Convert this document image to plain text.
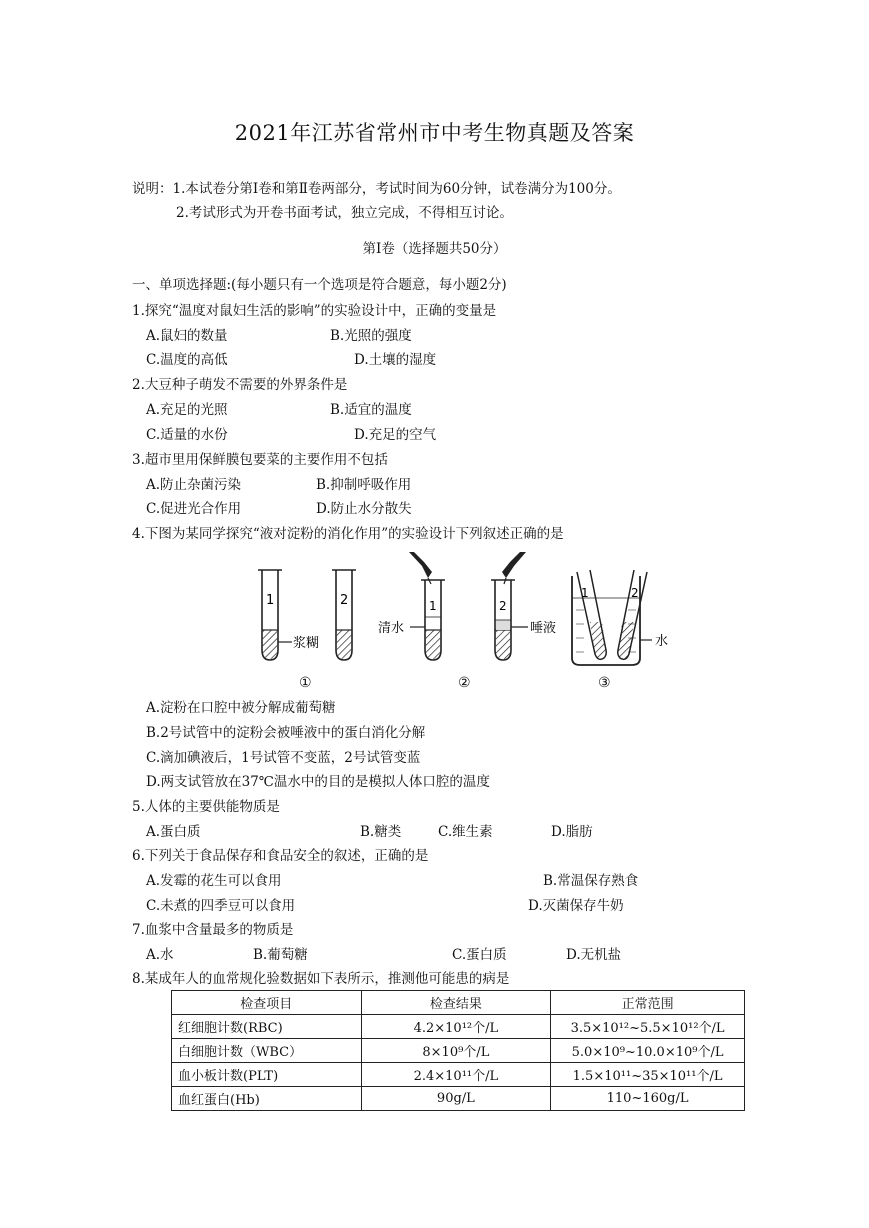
2021年江苏省常州市中考生物真题及答案
说明：1.本试卷分第Ⅰ卷和第Ⅱ卷两部分，考试时间为60分钟，试卷满分为100分。
2.考试形式为开卷书面考试，独立完成，不得相互讨论。
第Ⅰ卷（选择题共50分）
一、单项选择题:(每小题只有一个选项是符合题意，每小题2分)
1.探究“温度对鼠妇生活的影响”的实验设计中，正确的变量是
A.鼠妇的数量	B.光照的强度
C.温度的高低	D.土壤的湿度
2.大豆种子萌发不需要的外界条件是
A.充足的光照	B.适宜的温度
C.适量的水份	D.充足的空气
3.超市里用保鲜膜包要菜的主要作用不包括
A.防止杂菌污染	B.抑制呼吸作用
C.促进光合作用	D.防止水分散失
4.下图为某同学探究“液对淀粉的消化作用”的实验设计下列叙述正确的是
1	2
浆糊
1	2
清水	唾液
1	2
水
①	②	③
A.淀粉在口腔中被分解成葡萄糖
B.2号试管中的淀粉会被唾液中的蛋白消化分解
C.滴加碘液后，1号试管不变蓝，2号试管变蓝
D.两支试管放在37℃温水中的目的是模拟人体口腔的温度
5.人体的主要供能物质是
A.蛋白质	B.糖类	C.维生素	D.脂肪
6.下列关于食品保存和食品安全的叙述，正确的是
A.发霉的花生可以食用	B.常温保存熟食
C.未煮的四季豆可以食用	D.灭菌保存牛奶
7.血浆中含量最多的物质是
A.水	B.葡萄糖	C.蛋白质	D.无机盐
8.某成年人的血常规化验数据如下表所示，推测他可能患的病是
检查项目	检查结果	正常范围
红细胞计数(RBC)	4.2×10¹²个/L	3.5×10¹²~5.5×10¹²个/L
白细胞计数（WBC）	8×10⁹个/L	5.0×10⁹~10.0×10⁹个/L
血小板计数(PLT)	2.4×10¹¹个/L	1.5×10¹¹~35×10¹¹个/L
血红蛋白(Hb)	90g/L	110~160g/L
